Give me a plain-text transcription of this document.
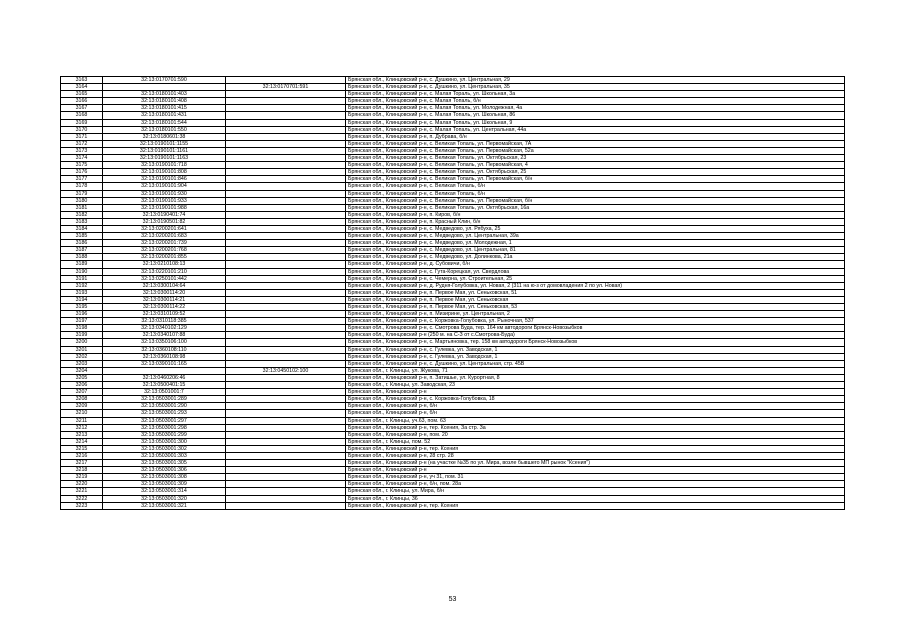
3163	32:13:0170701:590		Брянская обл., Клинцовский р-н, с. Душкино, ул. Центральная, 29
3164		32:13:0170701:591	Брянская обл., Клинцовский р-н, с. Душкино, ул. Центральная, 35
3165	32:13:0180101:403		Брянская обл., Клинцовский р-н, с. Малая Topaль, ул. Школьная, 3а
3166	32:13:0180101:408		Брянская обл., Клинцовский р-н, с. Малая Топаль, б/н
3167	32:13:0180101:415		Брянская обл., Клинцовский р-н, с. Малая Топаль, ул. Молодежная, 4а
3168	32:13:0180101:431		Брянская обл., Клинцовский р-н, с. Малая Топаль, ул. Школьная, 86
3169	32:13:0180101:544		Брянская обл., Клинцовский р-н, с. Малая Топаль, ул. Школьная, 9
3170	32:13:0180101:550		Брянская обл., Клинцовский р-н, с. Малая Топаль, ул. Центральная, 44а
3171	32:13:0180601:38		Брянская обл., Клинцовский р-н, п. Дубрава, б/н
3172	32:13:0190101:1155		Брянская обл., Клинцовский р-н, с. Великая Топаль, ул. Первомайская, 7А
3173	32:13:0190101:1161		Брянская обл., Клинцовский р-н, с. Великая Топаль, ул. Первомайская, 52а
3174	32:13:0190101:1163		Брянская обл., Клинцовский р-н, с. Великая Топаль, ул. Октябрьская, 23
3175	32:13:0190101:718		Брянская обл., Клинцовский р-н, с. Великая Топаль, ул. Первомайская, 4
3176	32:13:0190101:808		Брянская обл., Клинцовский р-н, с. Великая Топаль, ул. Октябрьская, 25
3177	32:13:0190101:846		Брянская обл., Клинцовский р-н, с. Великая Топаль, ул. Первомайская, б/н
3178	32:13:0190101:904		Брянская обл., Клинцовский р-н, с. Великая Топаль, б/н
3179	32:13:0190101:930		Брянская обл., Клинцовский р-н, с. Великая Топаль, б/н
3180	32:13:0190101:933		Брянская обл., Клинцовский р-н, с. Великая Топаль, ул. Первомайская, б/н
3181	32:13:0190101:988		Брянская обл., Клинцовский р-н, с. Великая Топаль, ул. Октябрьская, 16а
3182	32:13:0190401:74		Брянская обл., Клинцовский р-н, п. Киров, б/н
3183	32:13:0190501:82		Брянская обл., Клинцовский р-н, п. Красный Клин, б/н
3184	32:13:0200201:641		Брянская обл., Клинцовский р-н, с. Медведово, ул. Рябуха, 25
3185	32:13:0200201:683		Брянская обл., Клинцовский р-н, с. Медведово, ул. Центральная, 39а
3186	32:13:0200201:739		Брянская обл., Клинцовский р-н, с. Медведово, ул. Молодежная, 1
3187	32:13:0200201:768		Брянская обл., Клинцовский р-н, с. Медведово, ул. Центральная, 81
3188	32:13:0200201:855		Брянская обл., Клинцовский р-н, с. Медведово, ул. Долинкова, 21а
3189	32:13:0210108:13		Брянская обл., Клинцовский р-н, д. Субовичи, б/н
3190	32:13:0220101:210		Брянская обл., Клинцовский р-н, с. Гута-Корецкая, ул. Свердлова
3191	32:13:0250101:442		Брянская обл., Клинцовский р-н, с. Чемерна, ул. Строительная, 25
3192	32:13:0300104:64		Брянская обл., Клинцовский р-н, д. Рудня-Голубовка, ул. Новая, 2 (311 на ю-з от домовладения 2 по ул. Новая)
3193	32:13:0300114:20		Брянская обл., Клинцовский р-н, п. Первое Мая, ул. Сеньковская, 51
3194	32:13:0300114:21		Брянская обл., Клинцовский р-н, п. Первое Мая, ул. Сеньковская
3195	32:13:0300114:22		Брянская обл., Клинцовский р-н, п. Первое Мая, ул. Сеньковская, 53
3196	32:13:0310109:52		Брянская обл., Клинцовский р-н, п. Мизирине, ул. Центральная, 2
3197	32:13:0310118:385		Брянская обл., Клинцовский р-н, с. Коржовка-Голубовка, ул. Рыночная, 537
3198	32:13:0340102:129		Брянская обл., Клинцовский р-н, с. Смотрова Буда, тер. 164 км автодороги Брянск-Новозыбков
3199	32:13:0340107:88		Брянская обл., Клинцовский р-н (250 м. на С-З от с.Смотрова-Буда)
3200	32:13:0350106:100		Брянская обл., Клинцовский р-н, с. Мартьяновка, тер. 158 км автодороги Брянск-Новозыбков
3201	32:13:0360108:110		Брянская обл., Клинцовский р-н, с. Гулевка, ул. Заводская, 1
3202	32:13:0360108:98		Брянская обл., Клинцовский р-н, с. Гулевка, ул. Заводская, 1
3203	32:13:0390101:165		Брянская обл., Клинцовский р-н, с. Душкино, ул. Центральная, стр. 45В
3204		32:13:0450102:100	Брянская обл., г. Клинцы, ул. Жукова, 71
3205	32:13:0460206:46		Брянская обл., Клинцовский р-н, п. Затишье, ул. Курортная, 8
3206	32:13:0500401:15		Брянская обл., г. Клинцы, ул. Заводская, 23
3207	32:13:0501001:7		Брянская обл., Клинцовский р-н
3208	32:13:0503001:289		Брянская обл., Клинцовский р-н, с. Коржовка-Голубовка, 18
3209	32:13:0503001:290		Брянская обл., Клинцовский р-н, б/н
3210	32:13:0503001:293		Брянская обл., Клинцовский р-н, б/н
3211	32:13:0503001:297		Брянская обл., г. Клинцы, уч.63, пом. 63
3212	32:13:0503001:298		Брянская обл., Клинцовский р-н, тер. Ксения, За стр. За
3213	32:13:0503001:299		Брянская обл., Клинцовский р-н, пом. 20
3214	32:13:0503001:300		Брянская обл., г. Клинцы, пом. 52
3215	32:13:0503001:302		Брянская обл., Клинцовский р-н, тер. Ксения
3216	32:13:0503001:303		Брянская обл., Клинцовский р-н, 28 стр. 28
3217	32:13:0503001:305		Брянская обл., Клинцовский р-н (на участке №35 по ул. Мира, возле бывшего МП рынок "Ксения")
3218	32:13:0503001:306		Брянская обл., Клинцовский р-н
3219	32:13:0503001:308		Брянская обл., Клинцовский р-н, уч 31, пом. 31
3220	32:13:0503001:309		Брянская обл., Клинцовский р-н, б/н, пом. 28а
3221	32:13:0503001:314		Брянская обл., г. Клинцы, ул. Мира, б/н
3222	32:13:0503001:320		Брянская обл., г. Клинцы, 36
3223	32:13:0503001:321		Брянская обл., Клинцовский р-н, тер. Ксения
53
